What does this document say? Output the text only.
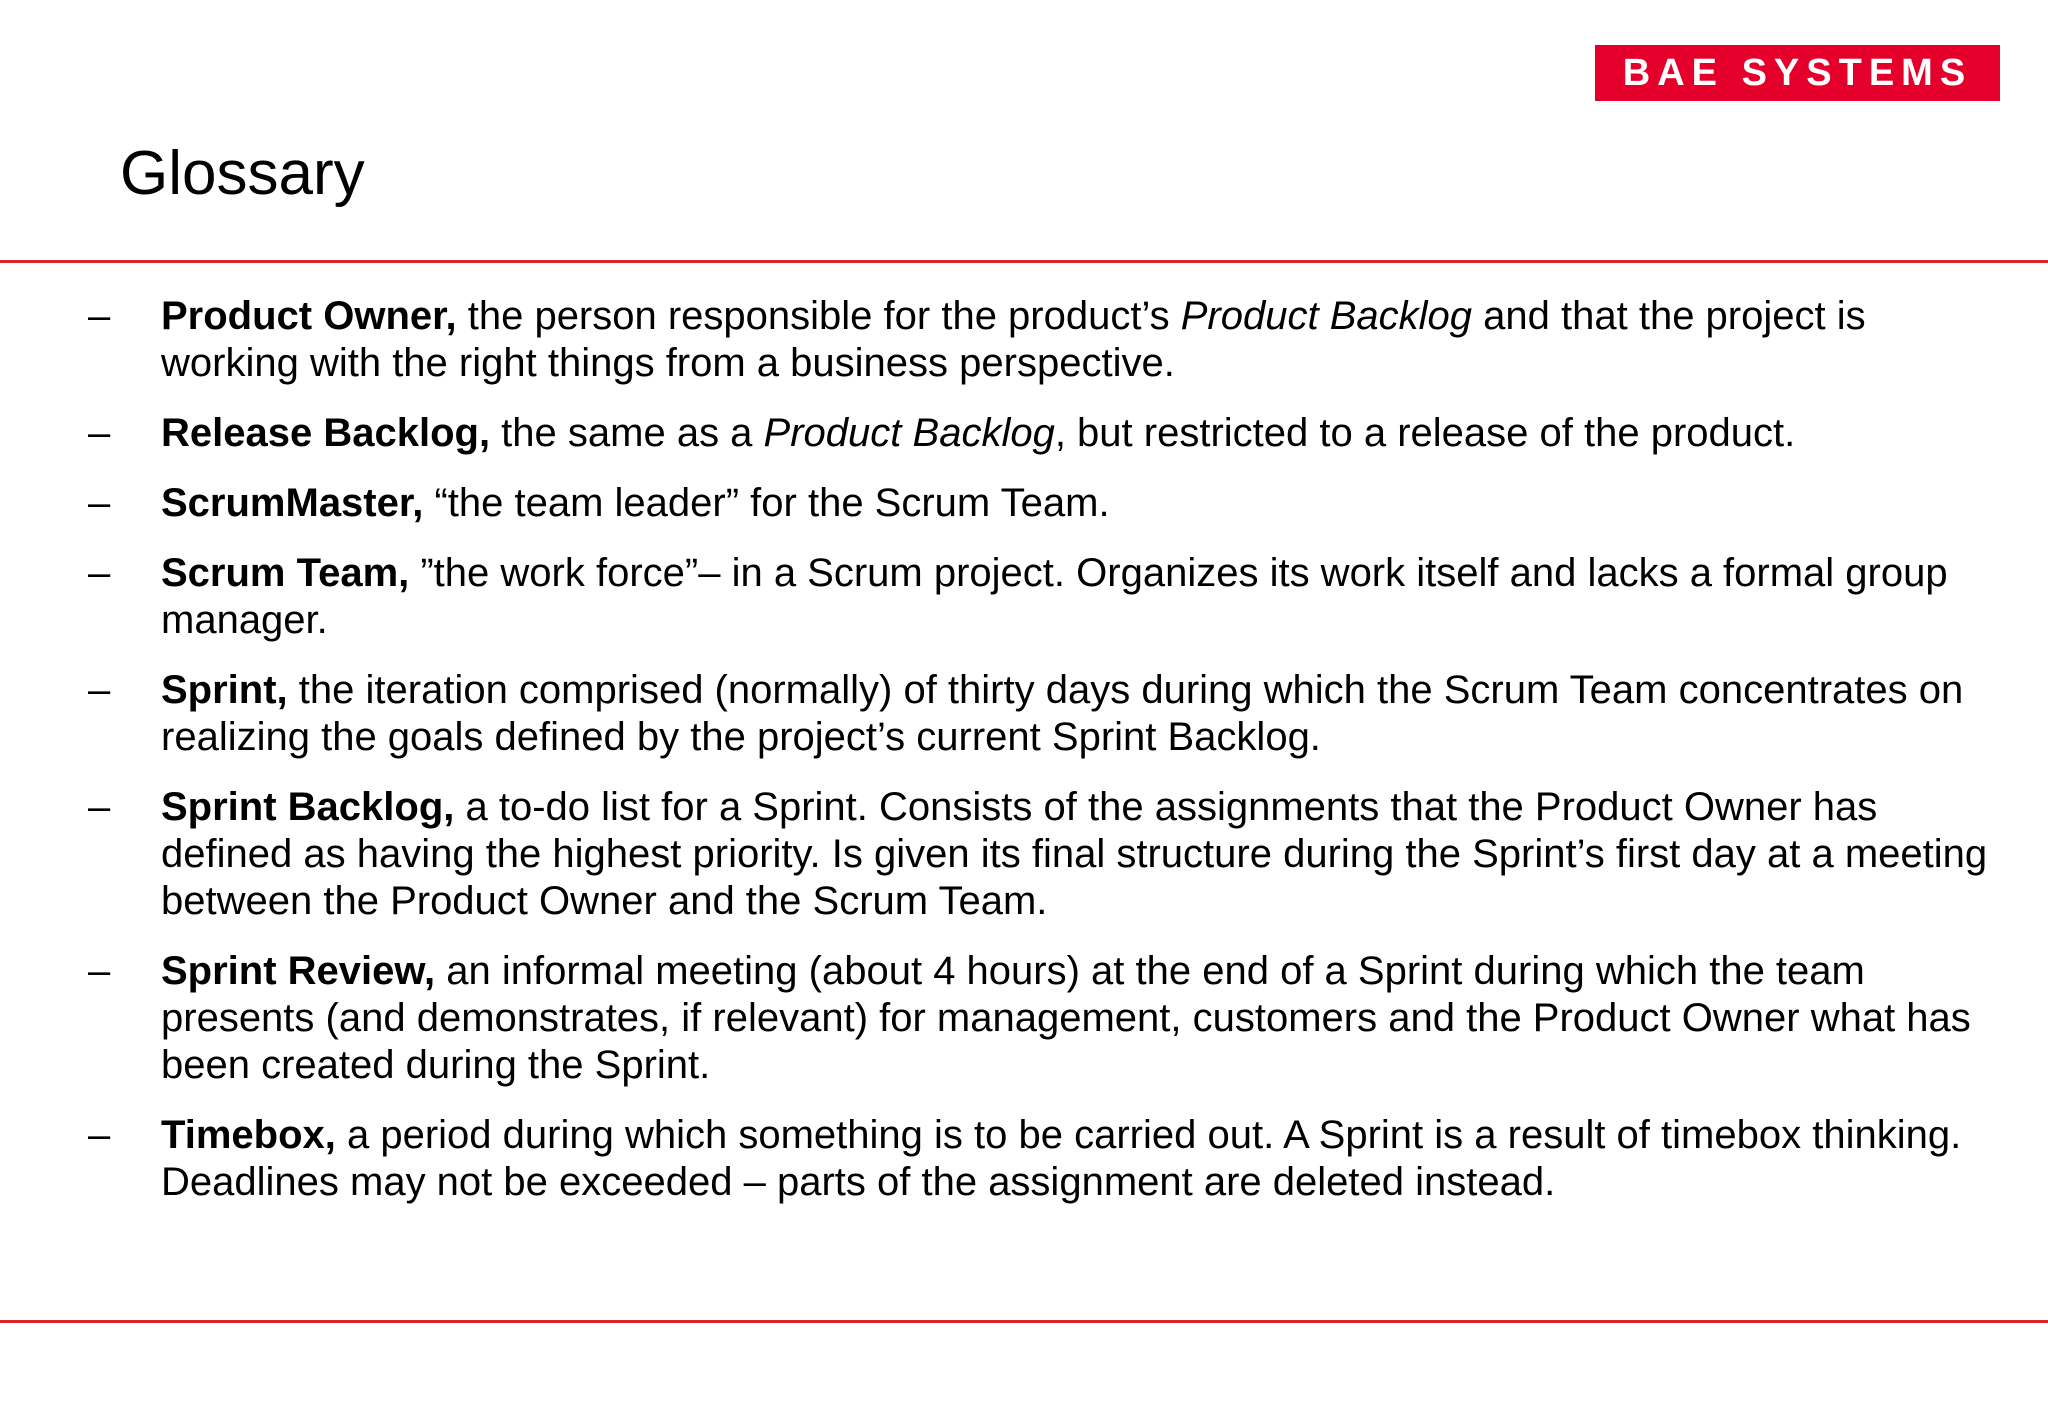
BAE SYSTEMS
Glossary
– Product Owner, the person responsible for the product’s Product Backlog and that the project is working with the right things from a business perspective.
– Release Backlog, the same as a Product Backlog, but restricted to a release of the product.
– ScrumMaster, “the team leader” for the Scrum Team.
– Scrum Team, ”the work force”– in a Scrum project. Organizes its work itself and lacks a formal group manager.
– Sprint, the iteration comprised (normally) of thirty days during which the Scrum Team concentrates on realizing the goals defined by the project’s current Sprint Backlog.
– Sprint Backlog, a to-do list for a Sprint. Consists of the assignments that the Product Owner has defined as having the highest priority. Is given its final structure during the Sprint’s first day at a meeting between the Product Owner and the Scrum Team.
– Sprint Review, an informal meeting (about 4 hours) at the end of a Sprint during which the team presents (and demonstrates, if relevant) for management, customers and the Product Owner what has been created during the Sprint.
– Timebox, a period during which something is to be carried out. A Sprint is a result of timebox thinking. Deadlines may not be exceeded – parts of the assignment are deleted instead.
